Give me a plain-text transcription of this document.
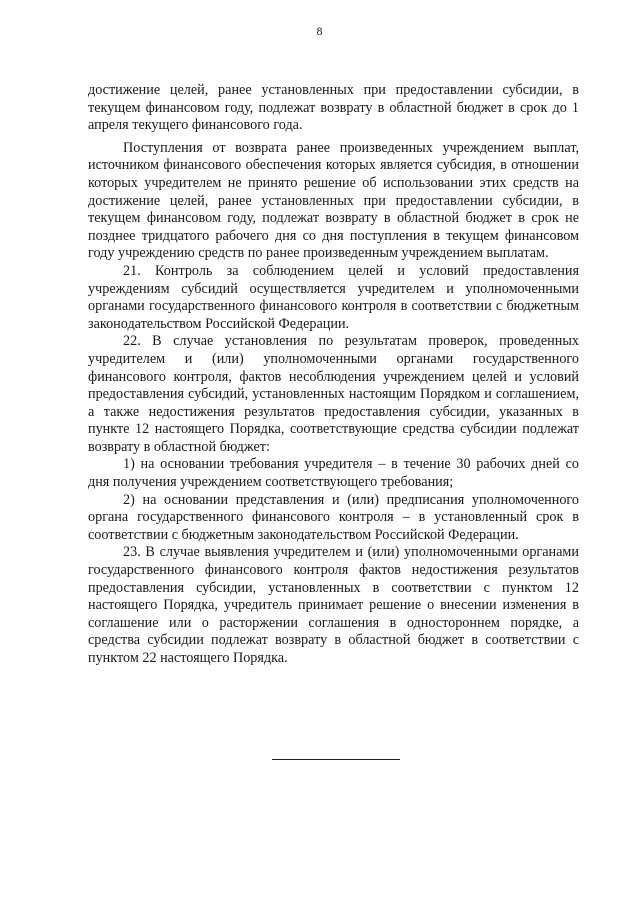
8

достижение целей, ранее установленных при предоставлении субсидии, в текущем финансовом году, подлежат возврату в областной бюджет в срок до 1 апреля текущего финансового года.

Поступления от возврата ранее произведенных учреждением выплат, источником финансового обеспечения которых является субсидия, в отношении которых учредителем не принято решение об использовании этих средств на достижение целей, ранее установленных при предоставлении субсидии, в текущем финансовом году, подлежат возврату в областной бюджет в срок не позднее тридцатого рабочего дня со дня поступления в текущем финансовом году учреждению средств по ранее произведенным учреждением выплатам.

21. Контроль за соблюдением целей и условий предоставления учреждениям субсидий осуществляется учредителем и уполномоченными органами государственного финансового контроля в соответствии с бюджетным законодательством Российской Федерации.

22. В случае установления по результатам проверок, проведенных учредителем и (или) уполномоченными органами государственного финансового контроля, фактов несоблюдения учреждением целей и условий предоставления субсидий, установленных настоящим Порядком и соглашением, а также недостижения результатов предоставления субсидии, указанных в пункте 12 настоящего Порядка, соответствующие средства субсидии подлежат возврату в областной бюджет:

1) на основании требования учредителя – в течение 30 рабочих дней со дня получения учреждением соответствующего требования;

2) на основании представления и (или) предписания уполномоченного органа государственного финансового контроля – в установленный срок в соответствии с бюджетным законодательством Российской Федерации.

23. В случае выявления учредителем и (или) уполномоченными органами государственного финансового контроля фактов недостижения результатов предоставления субсидии, установленных в соответствии с пунктом 12 настоящего Порядка, учредитель принимает решение о внесении изменения в соглашение или о расторжении соглашения в одностороннем порядке, а средства субсидии подлежат возврату в областной бюджет в соответствии с пунктом 22 настоящего Порядка.
